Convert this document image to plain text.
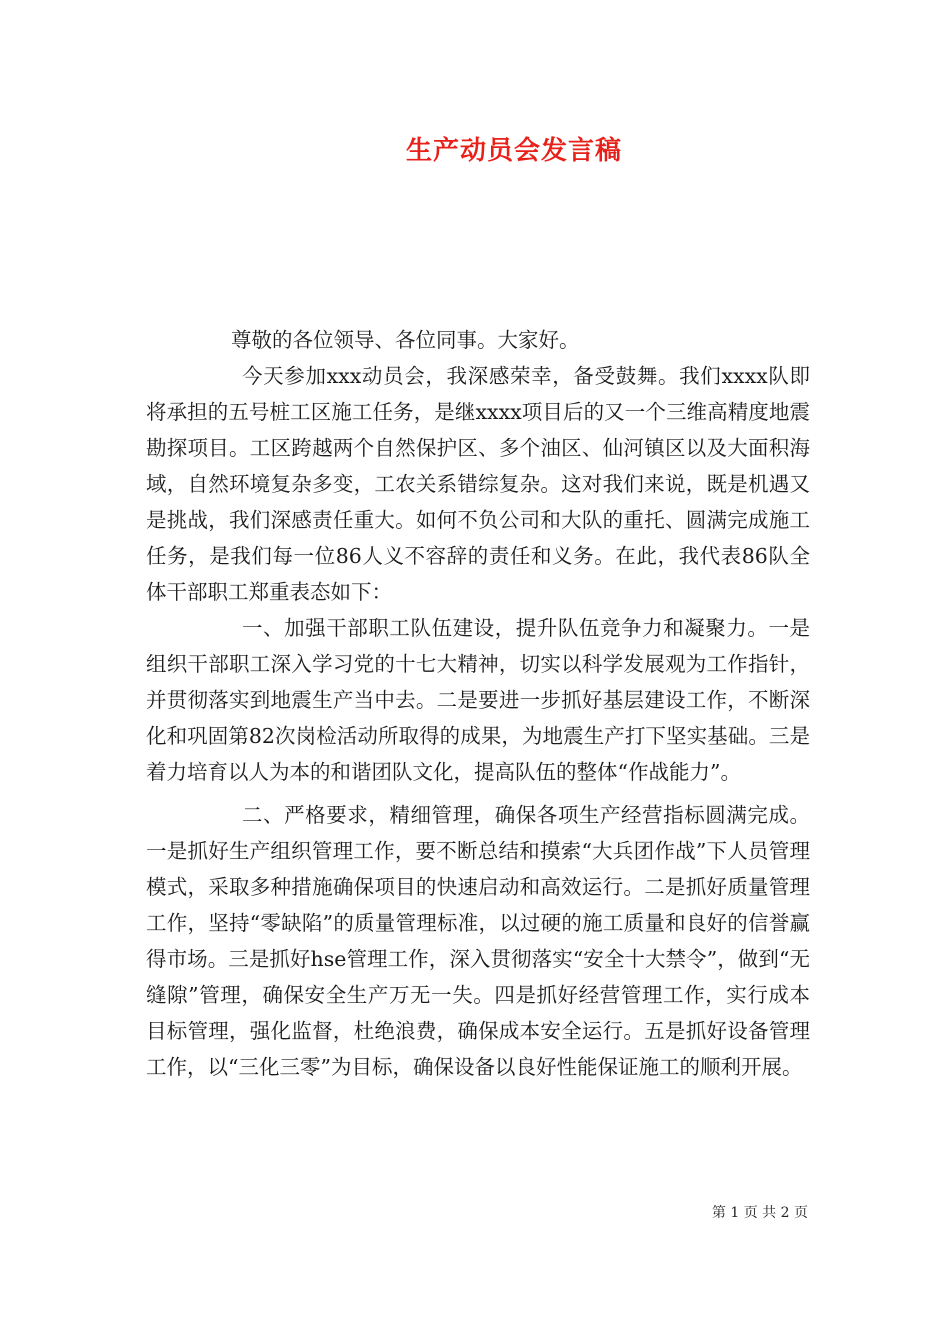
生产动员会发言稿

尊敬的各位领导、各位同事。大家好。

今天参加xxx动员会，我深感荣幸，备受鼓舞。我们xxxx队即将承担的五号桩工区施工任务，是继xxxx项目后的又一个三维高精度地震勘探项目。工区跨越两个自然保护区、多个油区、仙河镇区以及大面积海域，自然环境复杂多变，工农关系错综复杂。这对我们来说，既是机遇又是挑战，我们深感责任重大。如何不负公司和大队的重托、圆满完成施工任务，是我们每一位86人义不容辞的责任和义务。在此，我代表86队全体干部职工郑重表态如下：

一、加强干部职工队伍建设，提升队伍竞争力和凝聚力。一是组织干部职工深入学习党的十七大精神，切实以科学发展观为工作指针，并贯彻落实到地震生产当中去。二是要进一步抓好基层建设工作，不断深化和巩固第82次岗检活动所取得的成果，为地震生产打下坚实基础。三是着力培育以人为本的和谐团队文化，提高队伍的整体“作战能力”。

二、严格要求，精细管理，确保各项生产经营指标圆满完成。一是抓好生产组织管理工作，要不断总结和摸索“大兵团作战”下人员管理模式，采取多种措施确保项目的快速启动和高效运行。二是抓好质量管理工作，坚持“零缺陷”的质量管理标准，以过硬的施工质量和良好的信誉赢得市场。三是抓好hse管理工作，深入贯彻落实“安全十大禁令”，做到“无缝隙”管理，确保安全生产万无一失。四是抓好经营管理工作，实行成本目标管理，强化监督，杜绝浪费，确保成本安全运行。五是抓好设备管理工作，以“三化三零”为目标，确保设备以良好性能保证施工的顺利开展。

第 1 页 共 2 页
